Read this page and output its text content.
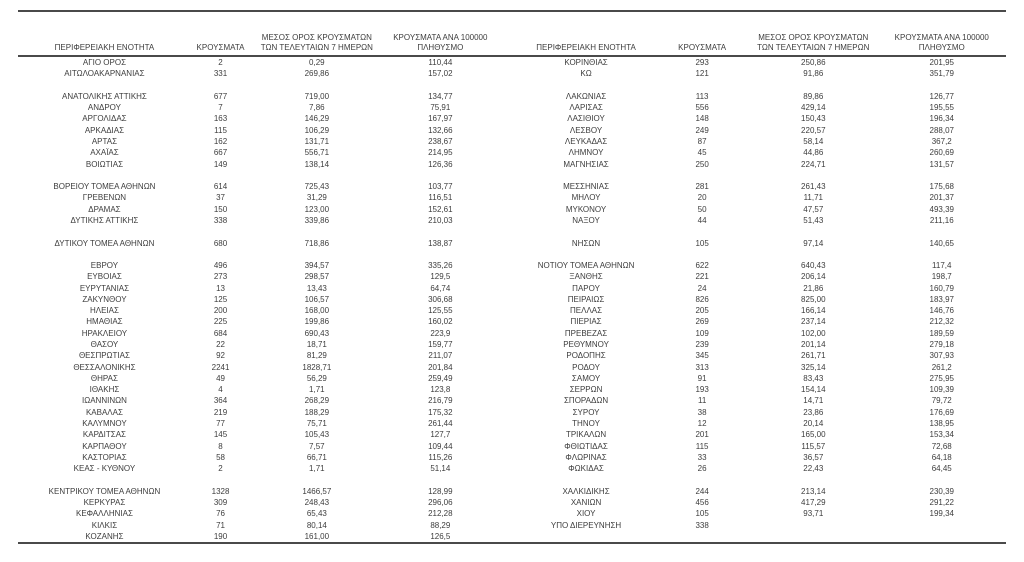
ΠΕΡΙΦΕΡΕΙΑΚΗ ΕΝΟΤΗΤΑ	ΚΡΟΥΣΜΑΤΑ	ΜΕΣΟΣ ΟΡΟΣ ΚΡΟΥΣΜΑΤΩΝ
ΤΩΝ ΤΕΛΕΥΤΑΙΩΝ 7 ΗΜΕΡΩΝ	ΚΡΟΥΣΜΑΤΑ ΑΝΑ 100000
ΠΛΗΘΥΣΜΟ		ΠΕΡΙΦΕΡΕΙΑΚΗ ΕΝΟΤΗΤΑ	ΚΡΟΥΣΜΑΤΑ	ΜΕΣΟΣ ΟΡΟΣ ΚΡΟΥΣΜΑΤΩΝ
ΤΩΝ ΤΕΛΕΥΤΑΙΩΝ 7 ΗΜΕΡΩΝ	ΚΡΟΥΣΜΑΤΑ ΑΝΑ 100000
ΠΛΗΘΥΣΜΟ

ΑΓΙΟ ΟΡΟΣ	2	0,29	110,44		ΚΟΡΙΝΘΙΑΣ	293	250,86	201,95
ΑΙΤΩΛΟΑΚΑΡΝΑΝΙΑΣ	331	269,86	157,02		ΚΩ	121	91,86	351,79

ΑΝΑΤΟΛΙΚΗΣ ΑΤΤΙΚΗΣ	677	719,00	134,77		ΛΑΚΩΝΙΑΣ	113	89,86	126,77
ΑΝΔΡΟΥ	7	7,86	75,91		ΛΑΡΙΣΑΣ	556	429,14	195,55
ΑΡΓΟΛΙΔΑΣ	163	146,29	167,97		ΛΑΣΙΘΙΟΥ	148	150,43	196,34
ΑΡΚΑΔΙΑΣ	115	106,29	132,66		ΛΕΣΒΟΥ	249	220,57	288,07
ΑΡΤΑΣ	162	131,71	238,67		ΛΕΥΚΑΔΑΣ	87	58,14	367,2
ΑΧΑΪΑΣ	667	556,71	214,95		ΛΗΜΝΟΥ	45	44,86	260,69
ΒΟΙΩΤΙΑΣ	149	138,14	126,36		ΜΑΓΝΗΣΙΑΣ	250	224,71	131,57

ΒΟΡΕΙΟΥ ΤΟΜΕΑ ΑΘΗΝΩΝ	614	725,43	103,77		ΜΕΣΣΗΝΙΑΣ	281	261,43	175,68
ΓΡΕΒΕΝΩΝ	37	31,29	116,51		ΜΗΛΟΥ	20	11,71	201,37
ΔΡΑΜΑΣ	150	123,00	152,61		ΜΥΚΟΝΟΥ	50	47,57	493,39
ΔΥΤΙΚΗΣ ΑΤΤΙΚΗΣ	338	339,86	210,03		ΝΑΞΟΥ	44	51,43	211,16

ΔΥΤΙΚΟΥ ΤΟΜΕΑ ΑΘΗΝΩΝ	680	718,86	138,87		ΝΗΣΩΝ	105	97,14	140,65

ΕΒΡΟΥ	496	394,57	335,26		ΝΟΤΙΟΥ ΤΟΜΕΑ ΑΘΗΝΩΝ	622	640,43	117,4
ΕΥΒΟΙΑΣ	273	298,57	129,5		ΞΑΝΘΗΣ	221	206,14	198,7
ΕΥΡΥΤΑΝΙΑΣ	13	13,43	64,74		ΠΑΡΟΥ	24	21,86	160,79
ΖΑΚΥΝΘΟΥ	125	106,57	306,68		ΠΕΙΡΑΙΩΣ	826	825,00	183,97
ΗΛΕΙΑΣ	200	168,00	125,55		ΠΕΛΛΑΣ	205	166,14	146,76
ΗΜΑΘΙΑΣ	225	199,86	160,02		ΠΙΕΡΙΑΣ	269	237,14	212,32
ΗΡΑΚΛΕΙΟΥ	684	690,43	223,9		ΠΡΕΒΕΖΑΣ	109	102,00	189,59
ΘΑΣΟΥ	22	18,71	159,77		ΡΕΘΥΜΝΟΥ	239	201,14	279,18
ΘΕΣΠΡΩΤΙΑΣ	92	81,29	211,07		ΡΟΔΟΠΗΣ	345	261,71	307,93
ΘΕΣΣΑΛΟΝΙΚΗΣ	2241	1828,71	201,84		ΡΟΔΟΥ	313	325,14	261,2
ΘΗΡΑΣ	49	56,29	259,49		ΣΑΜΟΥ	91	83,43	275,95
ΙΘΑΚΗΣ	4	1,71	123,8		ΣΕΡΡΩΝ	193	154,14	109,39
ΙΩΑΝΝΙΝΩΝ	364	268,29	216,79		ΣΠΟΡΑΔΩΝ	11	14,71	79,72
ΚΑΒΑΛΑΣ	219	188,29	175,32		ΣΥΡΟΥ	38	23,86	176,69
ΚΑΛΥΜΝΟΥ	77	75,71	261,44		ΤΗΝΟΥ	12	20,14	138,95
ΚΑΡΔΙΤΣΑΣ	145	105,43	127,7		ΤΡΙΚΑΛΩΝ	201	165,00	153,34
ΚΑΡΠΑΘΟΥ	8	7,57	109,44		ΦΘΙΩΤΙΔΑΣ	115	115,57	72,68
ΚΑΣΤΟΡΙΑΣ	58	66,71	115,26		ΦΛΩΡΙΝΑΣ	33	36,57	64,18
ΚΕΑΣ - ΚΥΘΝΟΥ	2	1,71	51,14		ΦΩΚΙΔΑΣ	26	22,43	64,45

ΚΕΝΤΡΙΚΟΥ ΤΟΜΕΑ ΑΘΗΝΩΝ	1328	1466,57	128,99		ΧΑΛΚΙΔΙΚΗΣ	244	213,14	230,39
ΚΕΡΚΥΡΑΣ	309	248,43	296,06		ΧΑΝΙΩΝ	456	417,29	291,22
ΚΕΦΑΛΛΗΝΙΑΣ	76	65,43	212,28		ΧΙΟΥ	105	93,71	199,34
ΚΙΛΚΙΣ	71	80,14	88,29		ΥΠΟ ΔΙΕΡΕΥΝΗΣΗ	338		
ΚΟΖΑΝΗΣ	190	161,00	126,5					
